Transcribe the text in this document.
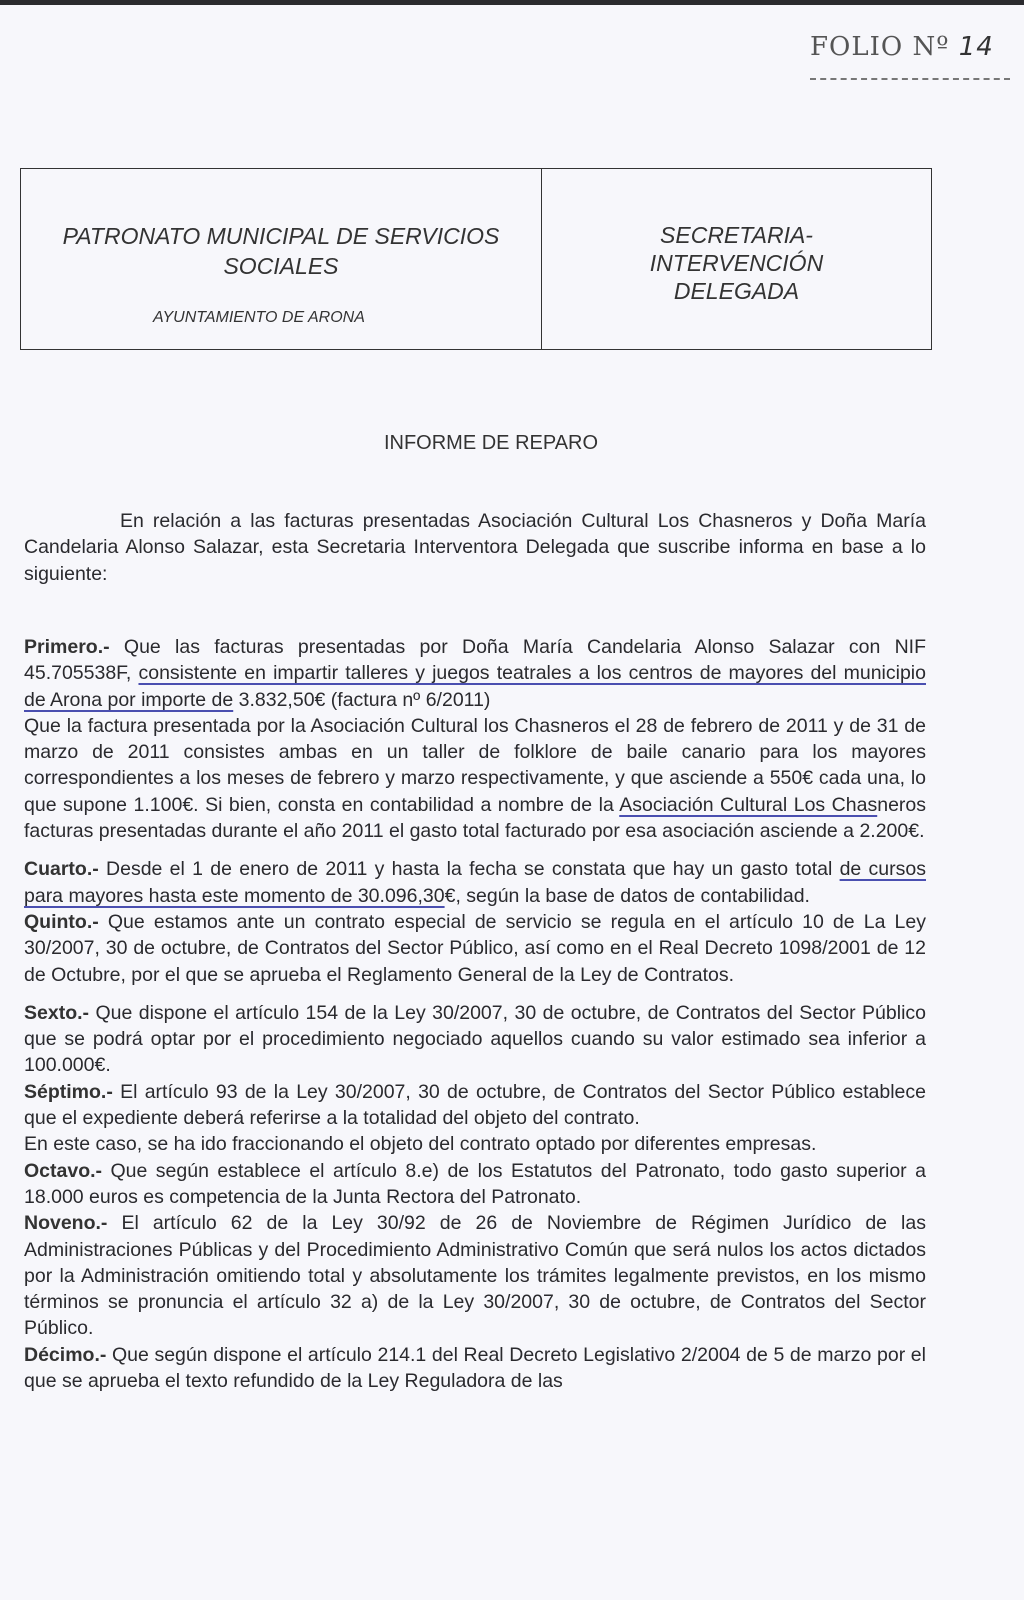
FOLIO Nº 14
PATRONATO MUNICIPAL DE SERVICIOS
SOCIALES
AYUNTAMIENTO DE ARONA
SECRETARIA-
INTERVENCIÓN
DELEGADA
INFORME DE REPARO

En relación a las facturas presentadas Asociación Cultural Los Chasneros y Doña María Candelaria Alonso Salazar, esta Secretaria Interventora Delegada que suscribe informa en base a lo siguiente:

Primero.- Que las facturas presentadas por Doña María Candelaria Alonso Salazar con NIF 45.705538F, consistente en impartir talleres y juegos teatrales a los centros de mayores del municipio de Arona por importe de 3.832,50€ (factura nº 6/2011)

Que la factura presentada por la Asociación Cultural los Chasneros el 28 de febrero de 2011 y de 31 de marzo de 2011 consistes ambas en un taller de folklore de baile canario para los mayores correspondientes a los meses de febrero y marzo respectivamente, y que asciende a 550€ cada una, lo que supone 1.100€. Si bien, consta en contabilidad a nombre de la Asociación Cultural Los Chasneros facturas presentadas durante el año 2011 el gasto total facturado por esa asociación asciende a 2.200€.

Cuarto.- Desde el 1 de enero de 2011 y hasta la fecha se constata que hay un gasto total de cursos para mayores hasta este momento de 30.096,30€, según la base de datos de contabilidad.

Quinto.- Que estamos ante un contrato especial de servicio se regula en el artículo 10 de La Ley 30/2007, 30 de octubre, de Contratos del Sector Público, así como en el Real Decreto 1098/2001 de 12 de Octubre, por el que se aprueba el Reglamento General de la Ley de Contratos.

Sexto.- Que dispone el artículo 154 de la Ley 30/2007, 30 de octubre, de Contratos del Sector Público que se podrá optar por el procedimiento negociado aquellos cuando su valor estimado sea inferior a 100.000€.

Séptimo.- El artículo 93 de la Ley 30/2007, 30 de octubre, de Contratos del Sector Público establece que el expediente deberá referirse a la totalidad del objeto del contrato.

En este caso, se ha ido fraccionando el objeto del contrato optado por diferentes empresas.

Octavo.- Que según establece el artículo 8.e) de los Estatutos del Patronato, todo gasto superior a 18.000 euros es competencia de la Junta Rectora del Patronato.

Noveno.- El artículo 62 de la Ley 30/92 de 26 de Noviembre de Régimen Jurídico de las Administraciones Públicas y del Procedimiento Administrativo Común que será nulos los actos dictados por la Administración omitiendo total y absolutamente los trámites legalmente previstos, en los mismo términos se pronuncia el artículo 32 a) de la Ley 30/2007, 30 de octubre, de Contratos del Sector Público.

Décimo.- Que según dispone el artículo 214.1 del Real Decreto Legislativo 2/2004 de 5 de marzo por el que se aprueba el texto refundido de la Ley Reguladora de las
